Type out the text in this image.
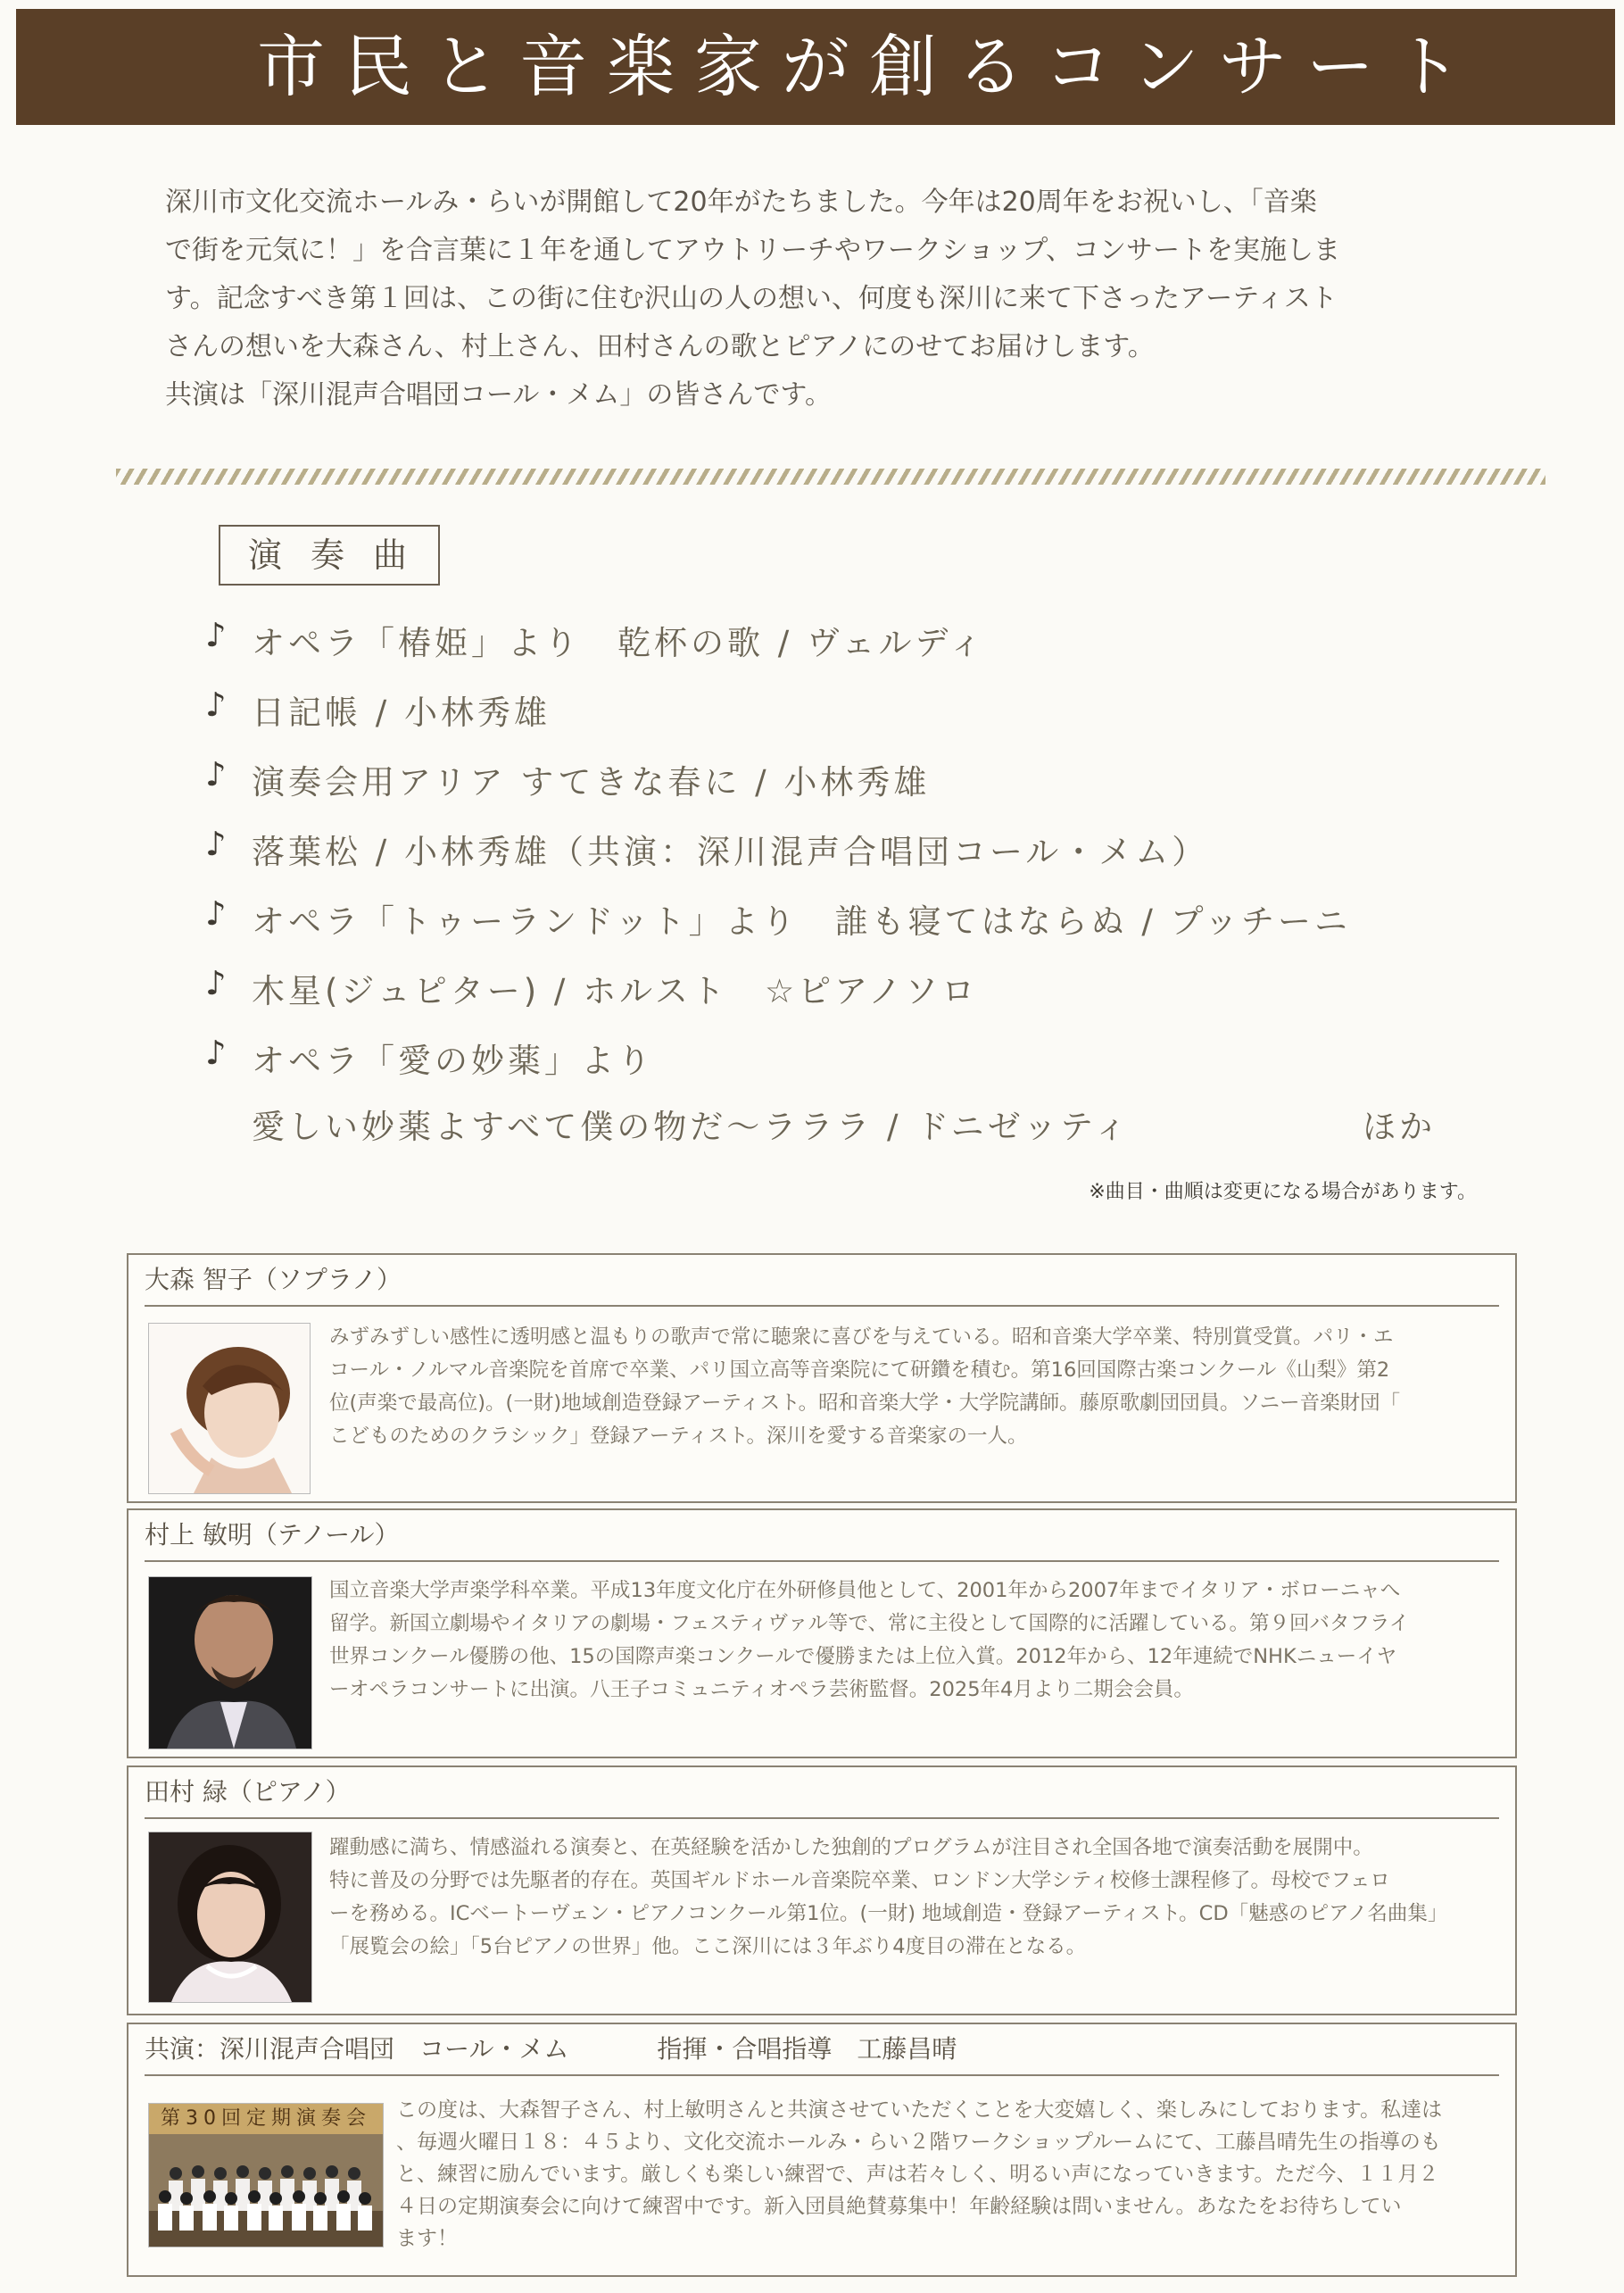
市民と音楽家が創るコンサート

深川市文化交流ホールみ・らいが開館して20年がたちました。今年は20周年をお祝いし、「音楽

で街を元気に！」を合言葉に１年を通してアウトリーチやワークショップ、コンサートを実施しま

す。記念すべき第１回は、この街に住む沢山の人の想い、何度も深川に来て下さったアーティスト

さんの想いを大森さん、村上さん、田村さんの歌とピアノにのせてお届けします。

共演は「深川混声合唱団コール・メム」の皆さんです。

演奏曲
♪ オペラ「椿姫」より　乾杯の歌 / ヴェルディ
♪ 日記帳 / 小林秀雄
♪ 演奏会用アリア すてきな春に / 小林秀雄
♪ 落葉松 / 小林秀雄（共演：深川混声合唱団コール・メム）
♪ オペラ「トゥーランドット」より　誰も寝てはならぬ / プッチーニ
♪ 木星(ジュピター) / ホルスト　☆ピアノソロ
♪ オペラ「愛の妙薬」より
愛しい妙薬よすべて僕の物だ～ラララ / ドニゼッティ	ほか
※曲目・曲順は変更になる場合があります。
大森 智子（ソプラノ）

みずみずしい感性に透明感と温もりの歌声で常に聴衆に喜びを与えている。昭和音楽大学卒業、特別賞受賞。パリ・エ
コール・ノルマル音楽院を首席で卒業、パリ国立高等音楽院にて研鑽を積む。第16回国際古楽コンクール《山梨》第2
位(声楽で最高位)。(一財)地域創造登録アーティスト。昭和音楽大学・大学院講師。藤原歌劇団団員。ソニー音楽財団「
こどものためのクラシック」登録アーティスト。深川を愛する音楽家の一人。

村上 敏明（テノール）

国立音楽大学声楽学科卒業。平成13年度文化庁在外研修員他として、2001年から2007年までイタリア・ボローニャへ
留学。新国立劇場やイタリアの劇場・フェスティヴァル等で、常に主役として国際的に活躍している。第９回バタフライ
世界コンクール優勝の他、15の国際声楽コンクールで優勝または上位入賞。2012年から、12年連続でNHKニューイヤ
ーオペラコンサートに出演。八王子コミュニティオペラ芸術監督。2025年4月より二期会会員。

田村 緑（ピアノ）

躍動感に満ち、情感溢れる演奏と、在英経験を活かした独創的プログラムが注目され全国各地で演奏活動を展開中。
特に普及の分野では先駆者的存在。英国ギルドホール音楽院卒業、ロンドン大学シティ校修士課程修了。母校でフェロ
ーを務める。ICベートーヴェン・ピアノコンクール第1位。(一財) 地域創造・登録アーティスト。CD「魅惑のピアノ名曲集」
「展覧会の絵」「5台ピアノの世界」他。ここ深川には３年ぶり4度目の滞在となる。

共演：深川混声合唱団　コール・メム	指揮・合唱指導　工藤昌晴
第30回定期演奏会	この度は、大森智子さん、村上敏明さんと共演させていただくことを大変嬉しく、楽しみにしております。私達は
、毎週火曜日１８：４５より、文化交流ホールみ・らい２階ワークショップルームにて、工藤昌晴先生の指導のも
と、練習に励んでいます。厳しくも楽しい練習で、声は若々しく、明るい声になっていきます。ただ今、１１月２
４日の定期演奏会に向けて練習中です。新入団員絶賛募集中！年齢経験は問いません。あなたをお待ちしてい
ます！
